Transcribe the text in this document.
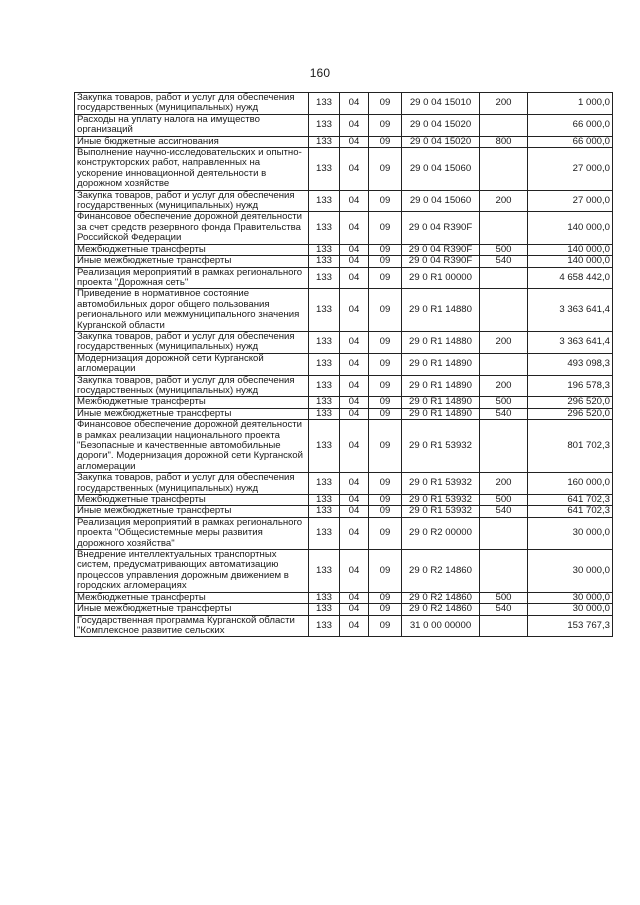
160
Закупка товаров, работ и услуг для обеспечения государственных (муниципальных) нужд	133	04	09	29 0 04 15010	200	1 000,0
Расходы на уплату налога на имущество организаций	133	04	09	29 0 04 15020		66 000,0
Иные бюджетные ассигнования	133	04	09	29 0 04 15020	800	66 000,0
Выполнение научно-исследовательских и опытно-конструкторских работ, направленных на ускорение инновационной деятельности в дорожном хозяйстве	133	04	09	29 0 04 15060		27 000,0
Закупка товаров, работ и услуг для обеспечения государственных (муниципальных) нужд	133	04	09	29 0 04 15060	200	27 000,0
Финансовое обеспечение дорожной деятельности за счет средств резервного фонда Правительства Российской Федерации	133	04	09	29 0 04 R390F		140 000,0
Межбюджетные трансферты	133	04	09	29 0 04 R390F	500	140 000,0
Иные межбюджетные трансферты	133	04	09	29 0 04 R390F	540	140 000,0
Реализация мероприятий в рамках регионального проекта "Дорожная сеть"	133	04	09	29 0 R1 00000		4 658 442,0
Приведение в нормативное состояние автомобильных дорог общего пользования регионального или межмуниципального значения Курганской области	133	04	09	29 0 R1 14880		3 363 641,4
Закупка товаров, работ и услуг для обеспечения государственных (муниципальных) нужд	133	04	09	29 0 R1 14880	200	3 363 641,4
Модернизация дорожной сети Курганской агломерации	133	04	09	29 0 R1 14890		493 098,3
Закупка товаров, работ и услуг для обеспечения государственных (муниципальных) нужд	133	04	09	29 0 R1 14890	200	196 578,3
Межбюджетные трансферты	133	04	09	29 0 R1 14890	500	296 520,0
Иные межбюджетные трансферты	133	04	09	29 0 R1 14890	540	296 520,0
Финансовое обеспечение дорожной деятельности в рамках реализации национального проекта "Безопасные и качественные автомобильные дороги". Модернизация дорожной сети Курганской агломерации	133	04	09	29 0 R1 53932		801 702,3
Закупка товаров, работ и услуг для обеспечения государственных (муниципальных) нужд	133	04	09	29 0 R1 53932	200	160 000,0
Межбюджетные трансферты	133	04	09	29 0 R1 53932	500	641 702,3
Иные межбюджетные трансферты	133	04	09	29 0 R1 53932	540	641 702,3
Реализация мероприятий в рамках регионального проекта "Общесистемные меры развития дорожного хозяйства"	133	04	09	29 0 R2 00000		30 000,0
Внедрение интеллектуальных транспортных систем, предусматривающих автоматизацию процессов управления дорожным движением в городских агломерациях	133	04	09	29 0 R2 14860		30 000,0
Межбюджетные трансферты	133	04	09	29 0 R2 14860	500	30 000,0
Иные межбюджетные трансферты	133	04	09	29 0 R2 14860	540	30 000,0
Государственная программа Курганской области "Комплексное развитие сельских	133	04	09	31 0 00 00000		153 767,3
